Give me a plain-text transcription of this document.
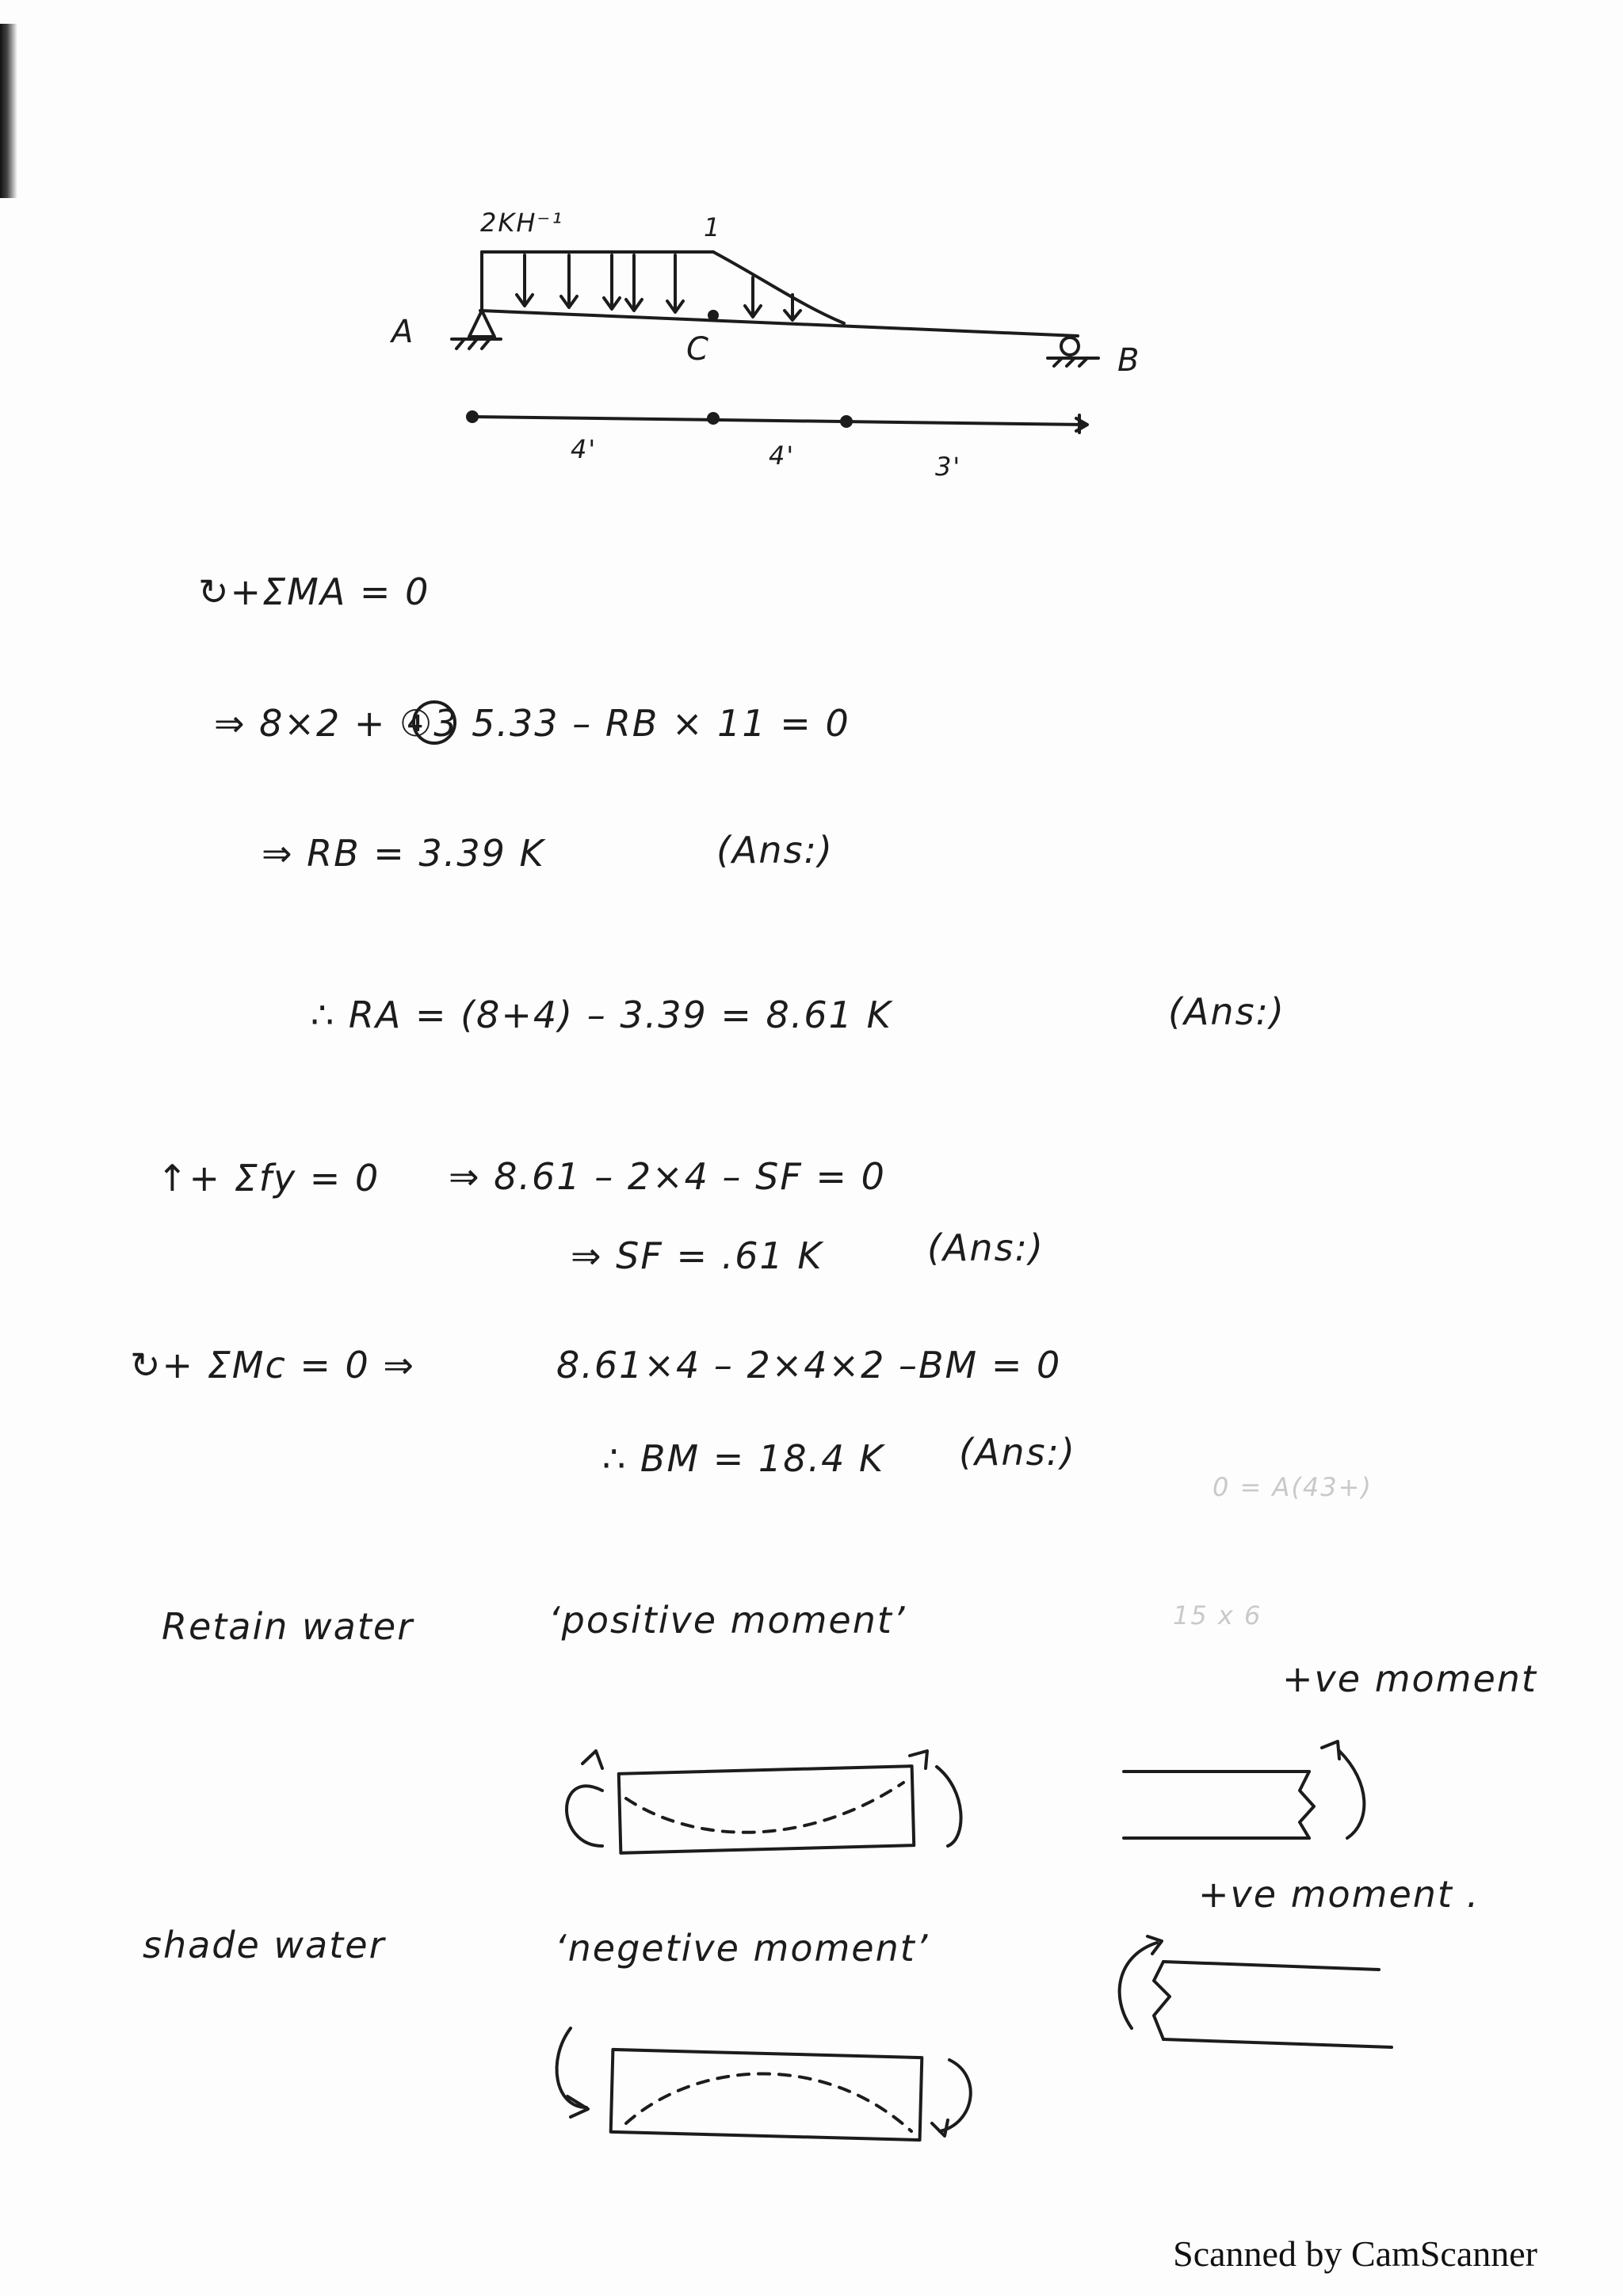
0 = A(43+)
15 x 6
2KH⁻¹	1
A	C	B
4'	4'	3'
↻+ΣMA = 0
⇒ 8×2 + ④3 5.33 – RB × 11 = 0
⇒ RB = 3.39 K	(Ans:)
∴ RA = (8+4) – 3.39 = 8.61 K	(Ans:)
↑+ Σfy = 0 ⇒ 8.61 – 2×4 – SF = 0
⇒ SF = .61 K	(Ans:)
↻+ ΣMc = 0 ⇒	8.61×4 – 2×4×2 –BM = 0
∴ BM = 18.4 K (Ans:)
Retain water	‘positive moment’
+ve moment
shade water	‘negetive moment’
+ve moment .
Scanned by CamScanner
